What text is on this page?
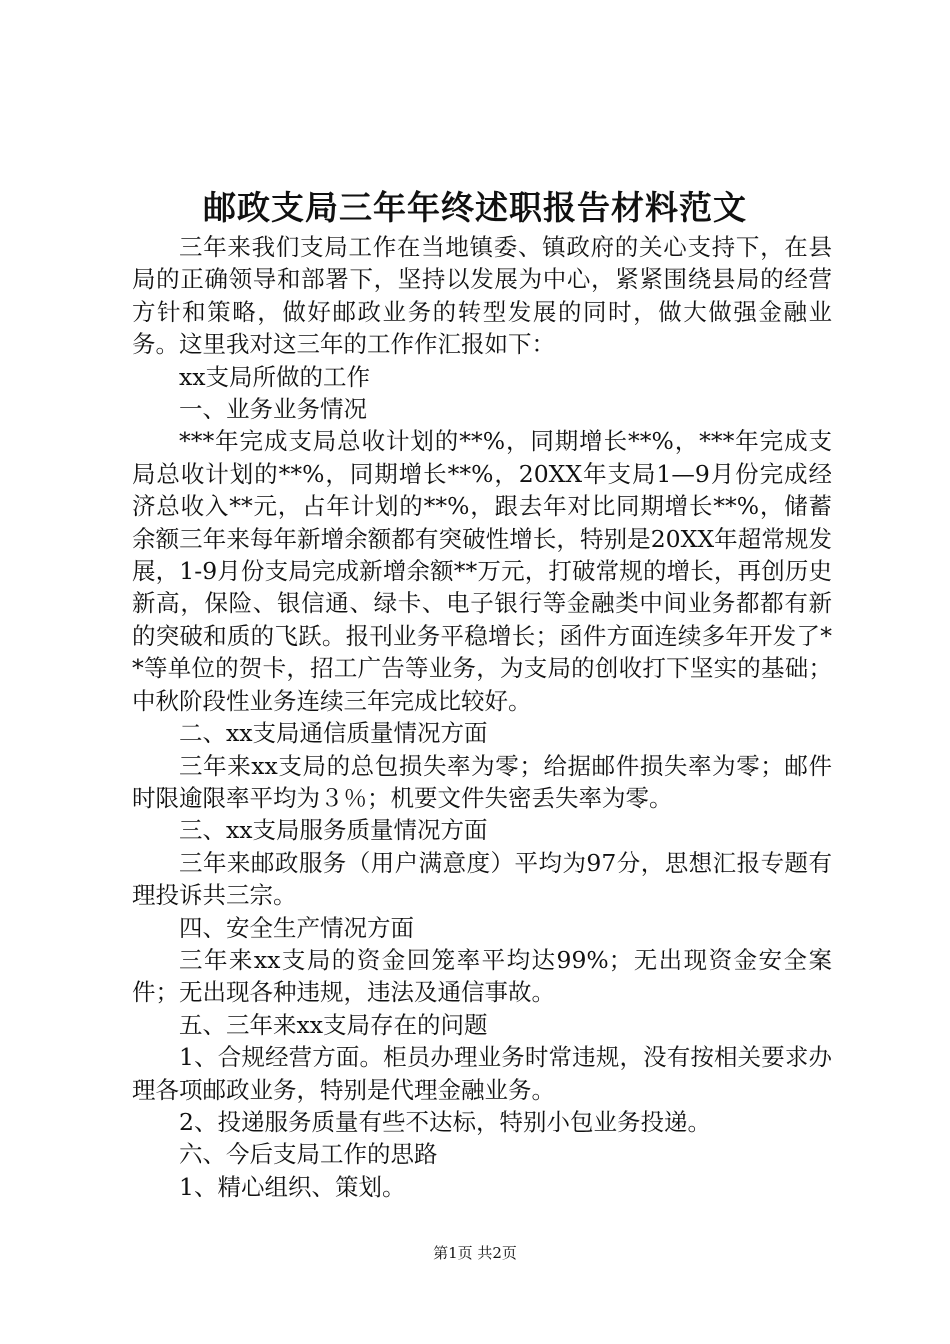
邮政支局三年年终述职报告材料范文

三年来我们支局工作在当地镇委、镇政府的关心支持下，在县局的正确领导和部署下，坚持以发展为中心，紧紧围绕县局的经营方针和策略，做好邮政业务的转型发展的同时，做大做强金融业务。这里我对这三年的工作作汇报如下：

xx支局所做的工作

一、业务业务情况

***年完成支局总收计划的**%，同期增长**%，***年完成支局总收计划的**%，同期增长**%，20XX年支局1—9月份完成经济总收入**元，占年计划的**%，跟去年对比同期增长**%，储蓄余额三年来每年新增余额都有突破性增长，特别是20XX年超常规发展，1-9月份支局完成新增余额**万元，打破常规的增长，再创历史新高，保险、银信通、绿卡、电子银行等金融类中间业务都都有新的突破和质的飞跃。报刊业务平稳增长；函件方面连续多年开发了**等单位的贺卡，招工广告等业务，为支局的创收打下坚实的基础；中秋阶段性业务连续三年完成比较好。

二、xx支局通信质量情况方面

三年来xx支局的总包损失率为零；给据邮件损失率为零；邮件时限逾限率平均为３％；机要文件失密丢失率为零。

三、xx支局服务质量情况方面

三年来邮政服务（用户满意度）平均为97分，思想汇报专题有理投诉共三宗。

四、安全生产情况方面

三年来xx支局的资金回笼率平均达99%；无出现资金安全案件；无出现各种违规，违法及通信事故。

五、三年来xx支局存在的问题

1、合规经营方面。柜员办理业务时常违规，没有按相关要求办理各项邮政业务，特别是代理金融业务。

2、投递服务质量有些不达标，特别小包业务投递。

六、今后支局工作的思路

1、精心组织、策划。

第1页 共2页
